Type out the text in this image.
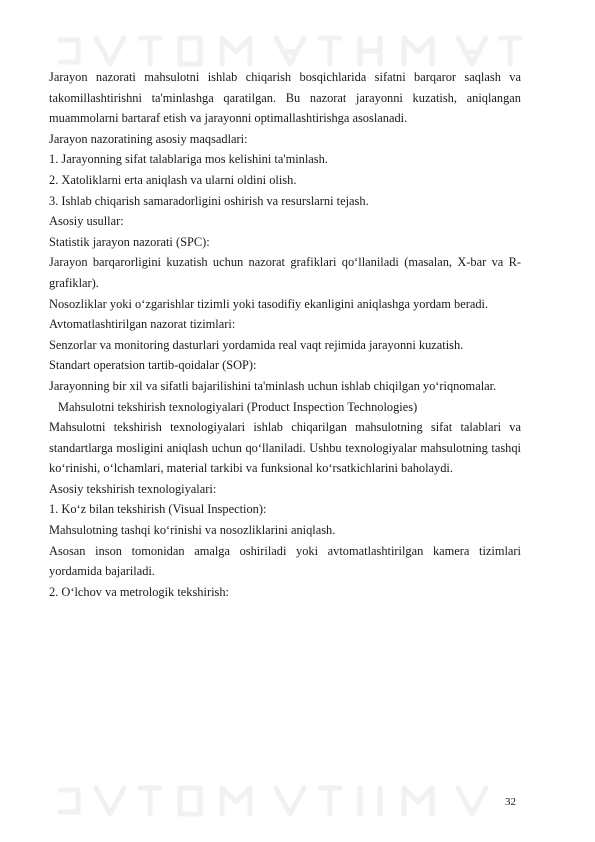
Jarayon nazorati mahsulotni ishlab chiqarish bosqichlarida sifatni barqaror saqlash va takomillashtirishni ta'minlashga qaratilgan. Bu nazorat jarayonni kuzatish, aniqlangan muammolarni bartaraf etish va jarayonni optimallashtirishga asoslanadi.

Jarayon nazoratining asosiy maqsadlari:

1. Jarayonning sifat talablariga mos kelishini ta'minlash.

2. Xatoliklarni erta aniqlash va ularni oldini olish.

3. Ishlab chiqarish samaradorligini oshirish va resurslarni tejash.

Asosiy usullar:

Statistik jarayon nazorati (SPC):

Jarayon barqarorligini kuzatish uchun nazorat grafiklari qo‘llaniladi (masalan, X-bar va R-grafiklar).

Nosozliklar yoki o‘zgarishlar tizimli yoki tasodifiy ekanligini aniqlashga yordam beradi.

Avtomatlashtirilgan nazorat tizimlari:

Senzorlar va monitoring dasturlari yordamida real vaqt rejimida jarayonni kuzatish.

Standart operatsion tartib-qoidalar (SOP):

Jarayonning bir xil va sifatli bajarilishini ta'minlash uchun ishlab chiqilgan yo‘riqnomalar.

Mahsulotni tekshirish texnologiyalari (Product Inspection Technologies)

Mahsulotni tekshirish texnologiyalari ishlab chiqarilgan mahsulotning sifat talablari va standartlarga mosligini aniqlash uchun qo‘llaniladi. Ushbu texnologiyalar mahsulotning tashqi ko‘rinishi, o‘lchamlari, material tarkibi va funksional ko‘rsatkichlarini baholaydi.

Asosiy tekshirish texnologiyalari:

1. Ko‘z bilan tekshirish (Visual Inspection):

Mahsulotning tashqi ko‘rinishi va nosozliklarini aniqlash.

Asosan inson tomonidan amalga oshiriladi yoki avtomatlashtirilgan kamera tizimlari yordamida bajariladi.

2. O‘lchov va metrologik tekshirish:

32
